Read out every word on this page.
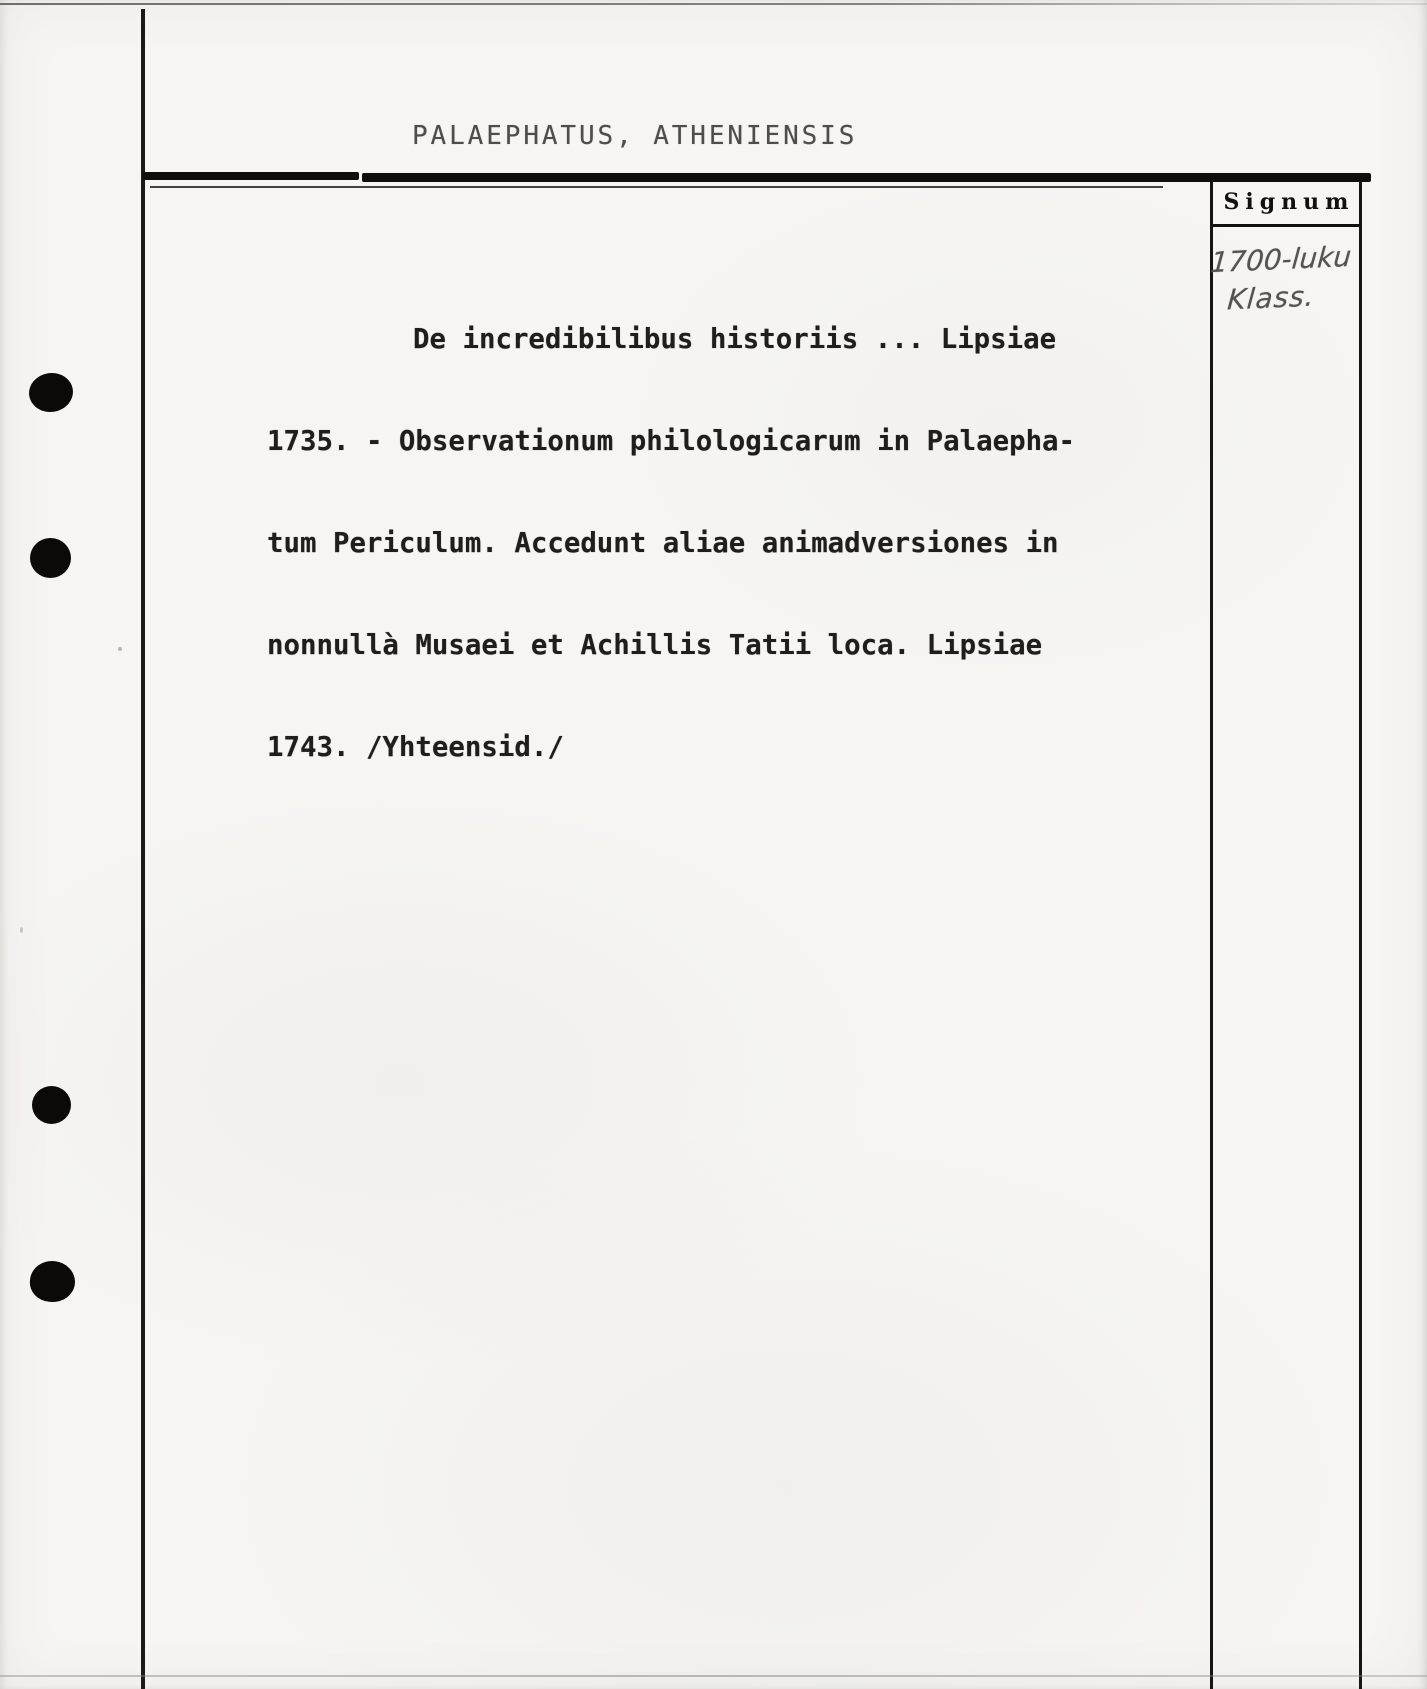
PALAEPHATUS, ATHENIENSIS
Signum
1700-luku
Klass.

De incredibilibus historiis ... Lipsiae

1735. - Observationum philologicarum in Palaepha-

tum Periculum. Accedunt aliae animadversiones in

nonnullà Musaei et Achillis Tatii loca. Lipsiae

1743. /Yhteensid./
